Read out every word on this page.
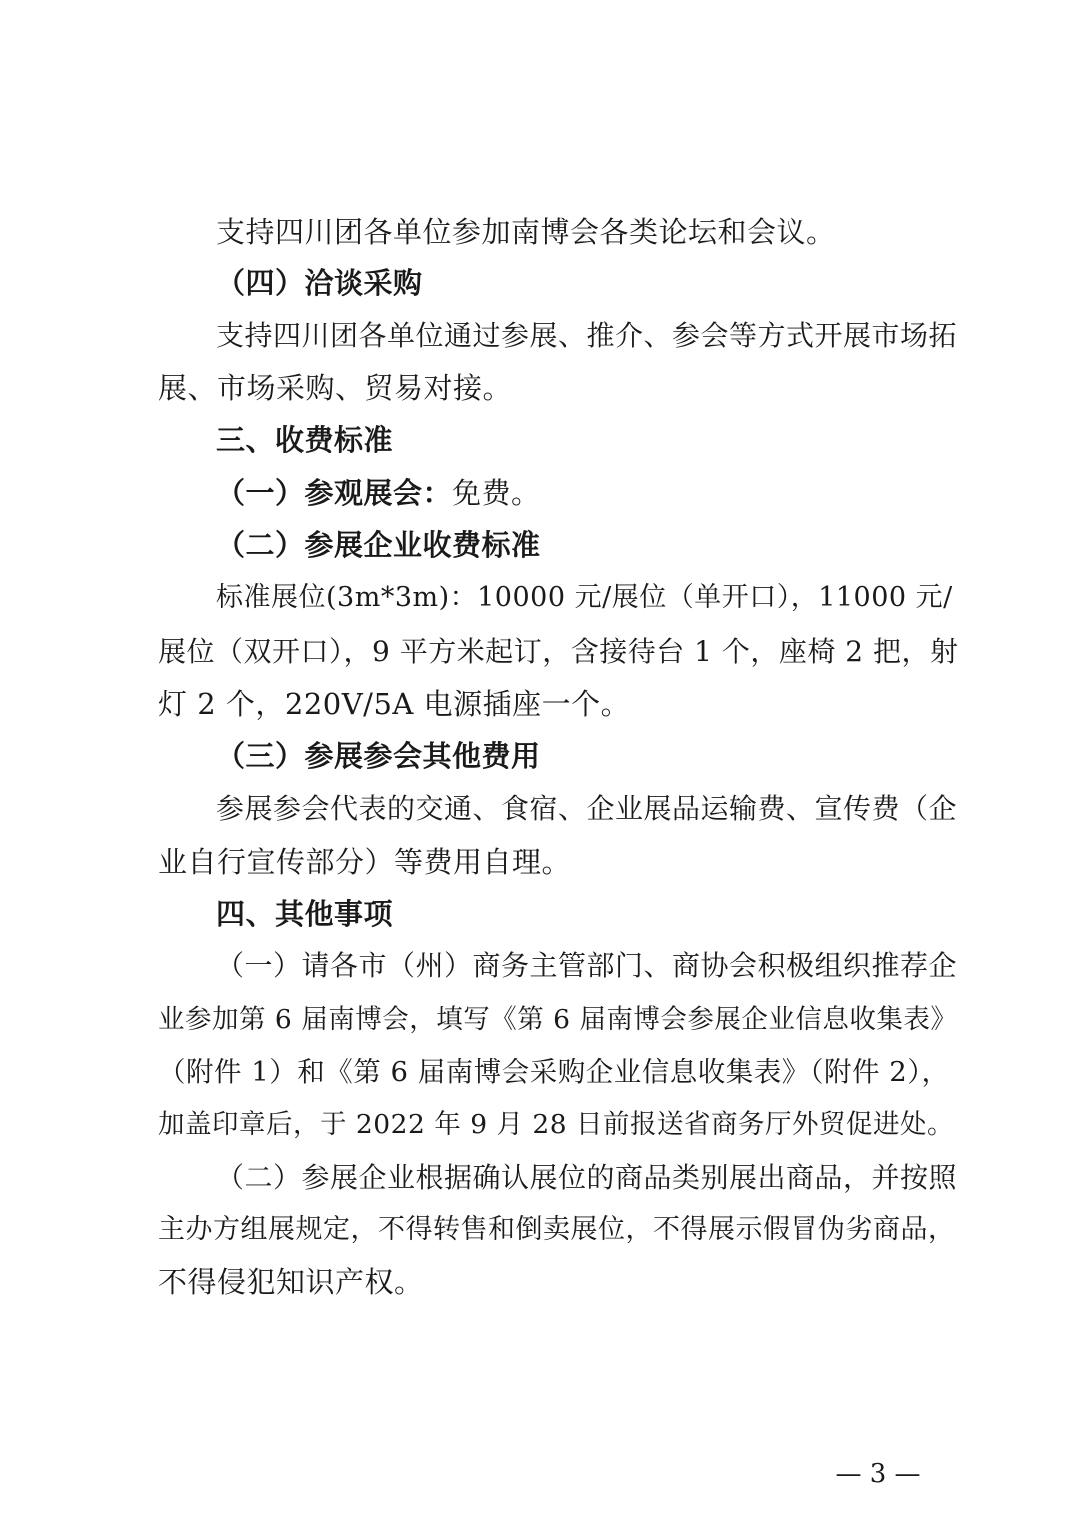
支持四川团各单位参加南博会各类论坛和会议。
（四）洽谈采购
支持四川团各单位通过参展、推介、参会等方式开展市场拓
展、市场采购、贸易对接。
三、收费标准
（一）参观展会：免费。
（二）参展企业收费标准
标准展位(3m*3m)：10000 元/展位（单开口），11000 元/
展位（双开口），9 平方米起订，含接待台 1 个，座椅 2 把，射
灯 2 个，220V/5A 电源插座一个。
（三）参展参会其他费用
参展参会代表的交通、食宿、企业展品运输费、宣传费（企
业自行宣传部分）等费用自理。
四、其他事项
（一）请各市（州）商务主管部门、商协会积极组织推荐企
业参加第 6 届南博会，填写《第 6 届南博会参展企业信息收集表》
（附件 1）和《第 6 届南博会采购企业信息收集表》（附件 2），
加盖印章后，于 2022 年 9 月 28 日前报送省商务厅外贸促进处。
（二）参展企业根据确认展位的商品类别展出商品，并按照
主办方组展规定，不得转售和倒卖展位，不得展示假冒伪劣商品，
不得侵犯知识产权。
— 3 —
